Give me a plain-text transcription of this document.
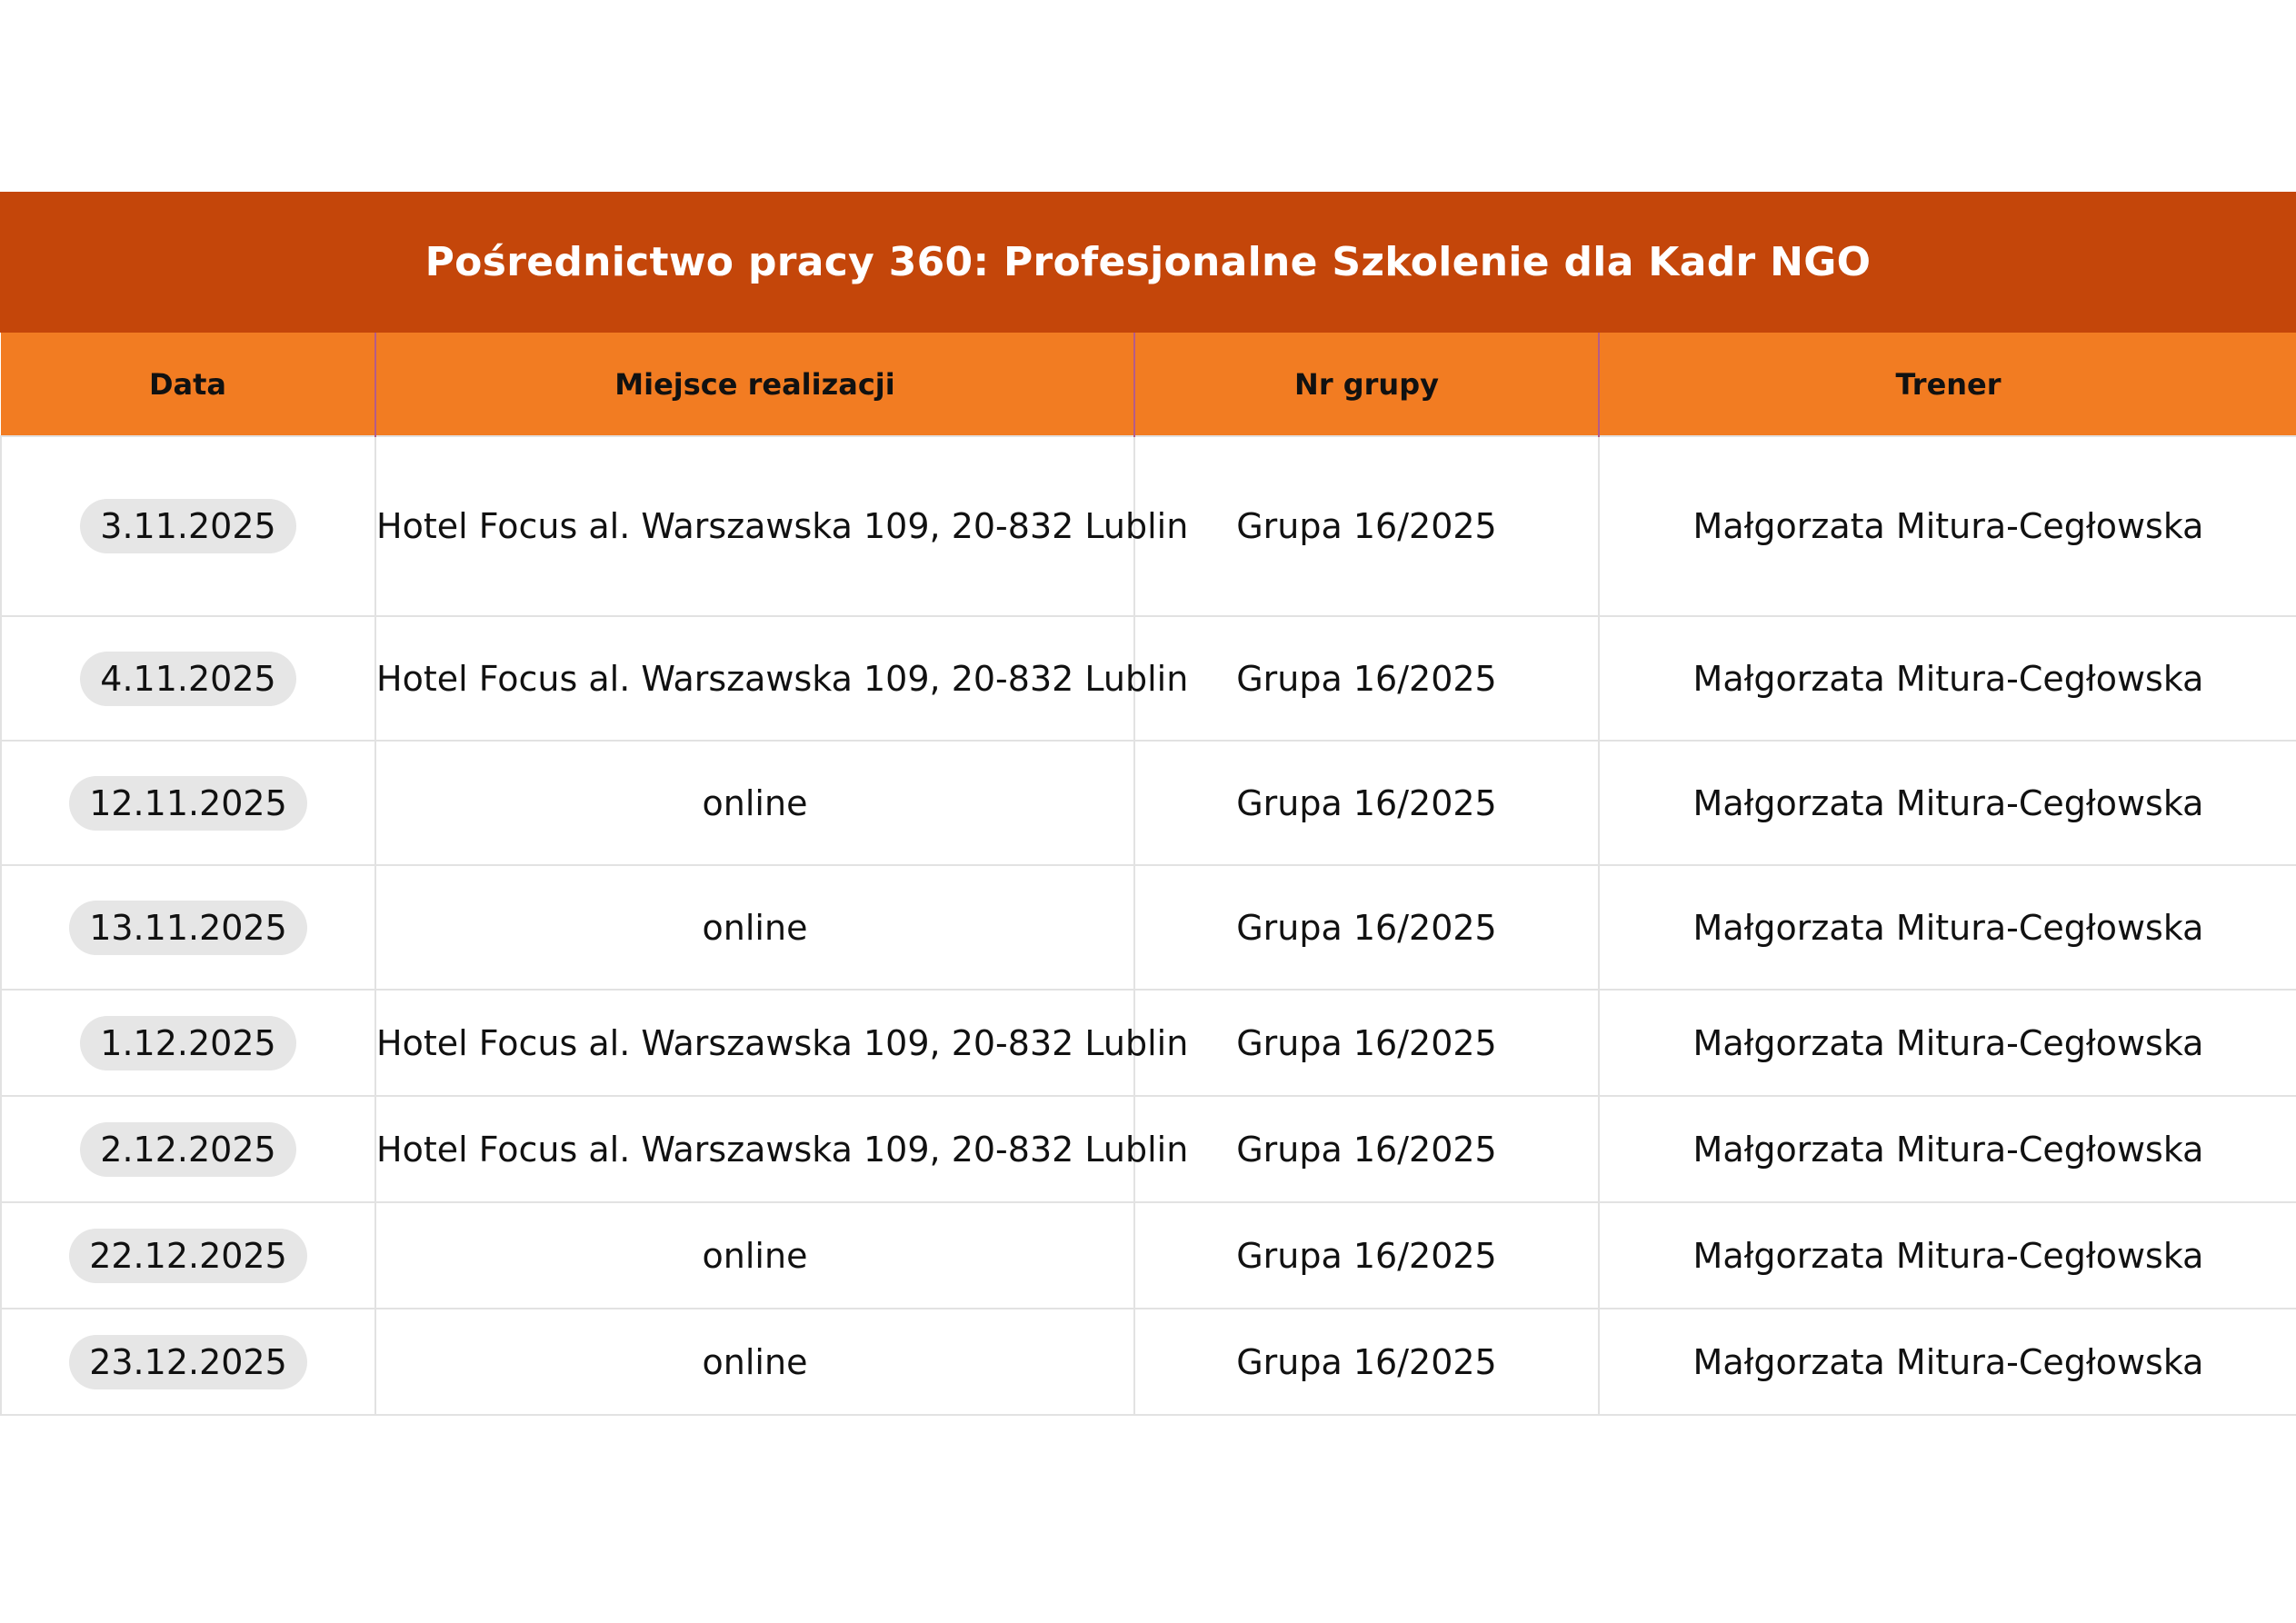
Pośrednictwo pracy 360: Profesjonalne Szkolenie dla Kadr NGO
Data	Miejsce realizacji	Nr grupy	Trener
3.11.2025	Hotel Focus al. Warszawska 109, 20-832 Lublin	Grupa 16/2025	Małgorzata Mitura-Cegłowska
4.11.2025	Hotel Focus al. Warszawska 109, 20-832 Lublin	Grupa 16/2025	Małgorzata Mitura-Cegłowska
12.11.2025	online	Grupa 16/2025	Małgorzata Mitura-Cegłowska
13.11.2025	online	Grupa 16/2025	Małgorzata Mitura-Cegłowska
1.12.2025	Hotel Focus al. Warszawska 109, 20-832 Lublin	Grupa 16/2025	Małgorzata Mitura-Cegłowska
2.12.2025	Hotel Focus al. Warszawska 109, 20-832 Lublin	Grupa 16/2025	Małgorzata Mitura-Cegłowska
22.12.2025	online	Grupa 16/2025	Małgorzata Mitura-Cegłowska
23.12.2025	online	Grupa 16/2025	Małgorzata Mitura-Cegłowska
